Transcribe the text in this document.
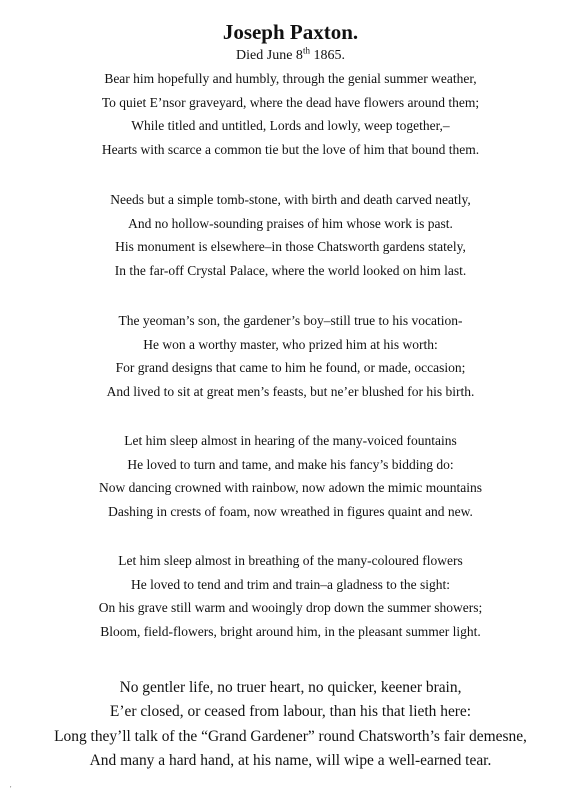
Joseph Paxton.

Died June 8th 1865.

Bear him hopefully and humbly, through the genial summer weather,
To quiet E’nsor graveyard, where the dead have flowers around them;
While titled and untitled, Lords and lowly, weep together,–
Hearts with scarce a common tie but the love of him that bound them.
Needs but a simple tomb-stone, with birth and death carved neatly,
And no hollow-sounding praises of him whose work is past.
His monument is elsewhere–in those Chatsworth gardens stately,
In the far-off Crystal Palace, where the world looked on him last.
The yeoman’s son, the gardener’s boy–still true to his vocation-
He won a worthy master, who prized him at his worth:
For grand designs that came to him he found, or made, occasion;
And lived to sit at great men’s feasts, but ne’er blushed for his birth.
Let him sleep almost in hearing of the many-voiced fountains
He loved to turn and tame, and make his fancy’s bidding do:
Now dancing crowned with rainbow, now adown the mimic mountains
Dashing in crests of foam, now wreathed in figures quaint and new.
Let him sleep almost in breathing of the many-coloured flowers
He loved to tend and trim and train–a gladness to the sight:
On his grave still warm and wooingly drop down the summer showers;
Bloom, field-flowers, bright around him, in the pleasant summer light.
No gentler life, no truer heart, no quicker, keener brain,
E’er closed, or ceased from labour, than his that lieth here:
Long they’ll talk of the “Grand Gardener” round Chatsworth’s fair demesne,
And many a hard hand, at his name, will wipe a well-earned tear.
′
